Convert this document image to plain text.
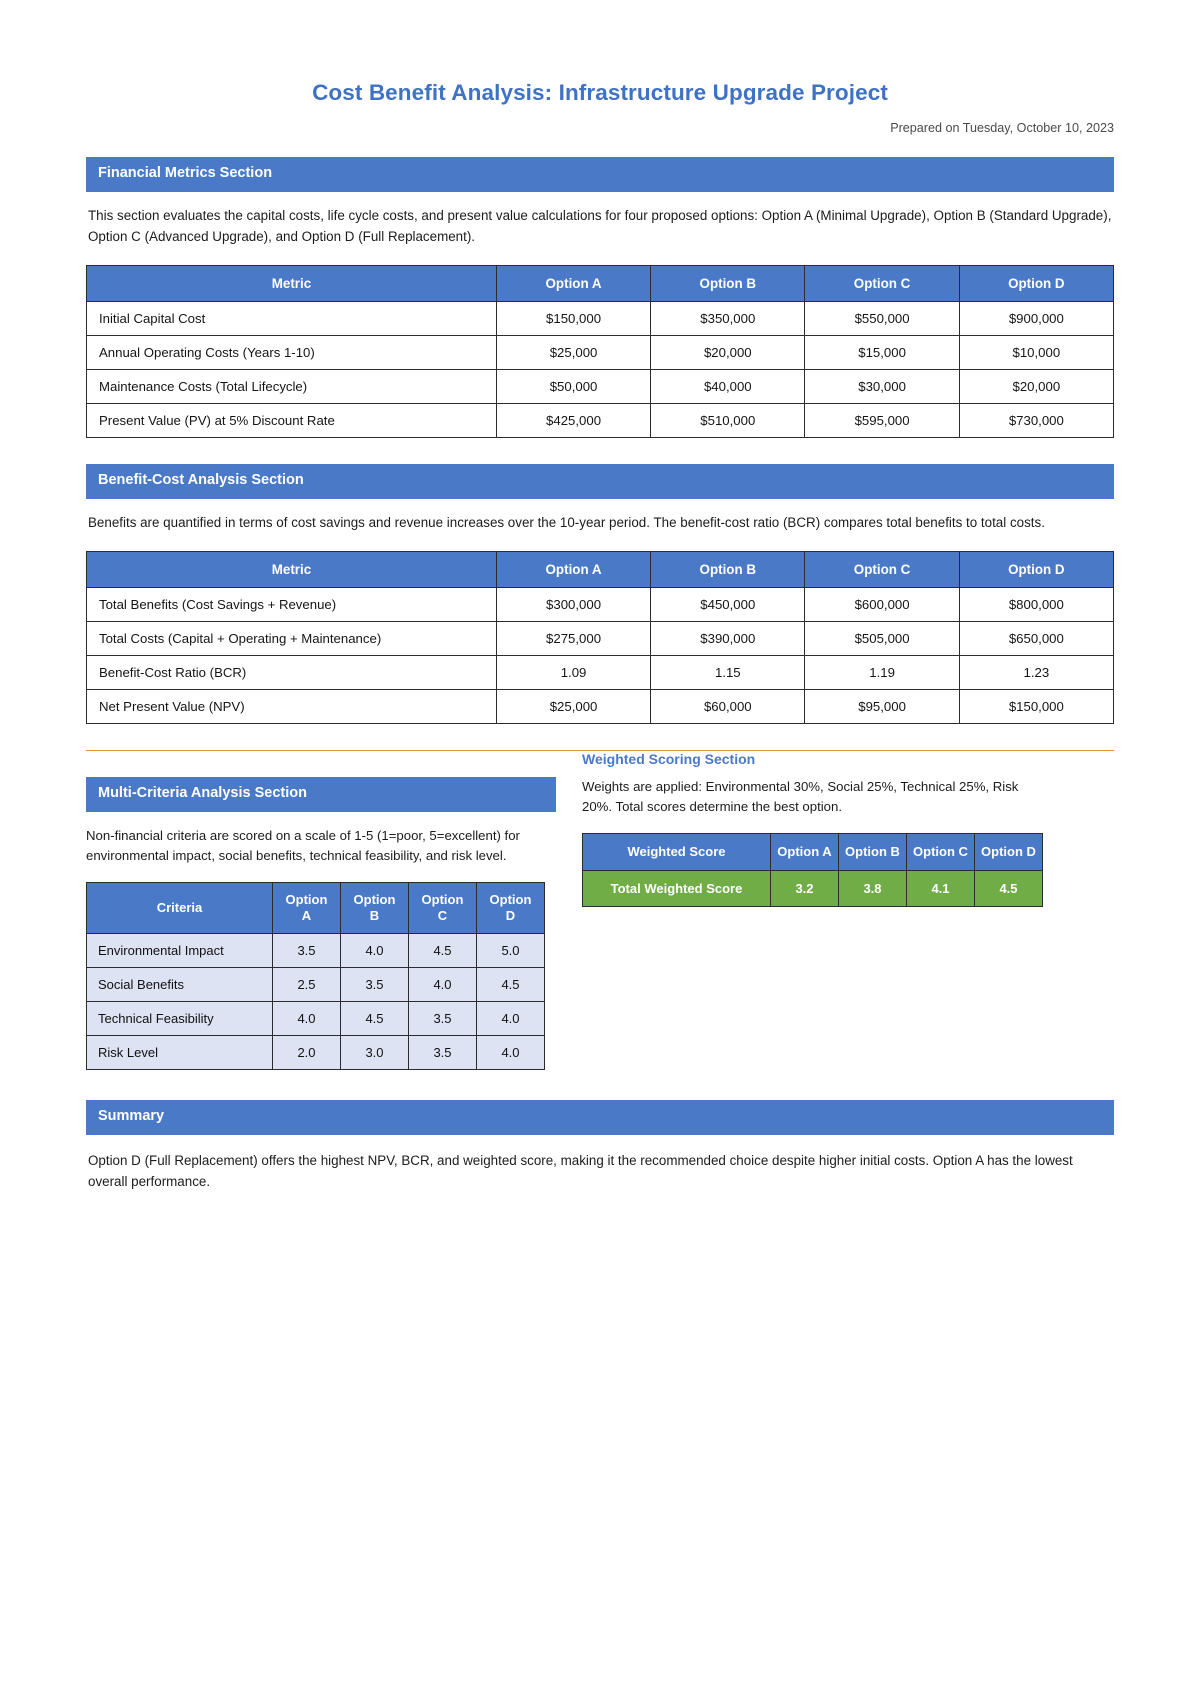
Cost Benefit Analysis: Infrastructure Upgrade Project
Prepared on Tuesday, October 10, 2023
Financial Metrics Section

This section evaluates the capital costs, life cycle costs, and present value calculations for four proposed options: Option A (Minimal Upgrade), Option B (Standard Upgrade), Option C (Advanced Upgrade), and Option D (Full Replacement).

Metric	Option A	Option B	Option C	Option D
Initial Capital Cost	$150,000	$350,000	$550,000	$900,000
Annual Operating Costs (Years 1-10)	$25,000	$20,000	$15,000	$10,000
Maintenance Costs (Total Lifecycle)	$50,000	$40,000	$30,000	$20,000
Present Value (PV) at 5% Discount Rate	$425,000	$510,000	$595,000	$730,000
Benefit-Cost Analysis Section

Benefits are quantified in terms of cost savings and revenue increases over the 10-year period. The benefit-cost ratio (BCR) compares total benefits to total costs.

Metric	Option A	Option B	Option C	Option D
Total Benefits (Cost Savings + Revenue)	$300,000	$450,000	$600,000	$800,000
Total Costs (Capital + Operating + Maintenance)	$275,000	$390,000	$505,000	$650,000
Benefit-Cost Ratio (BCR)	1.09	1.15	1.19	1.23
Net Present Value (NPV)	$25,000	$60,000	$95,000	$150,000
Multi-Criteria Analysis Section

Non-financial criteria are scored on a scale of 1-5 (1=poor, 5=excellent) for environmental impact, social benefits, technical feasibility, and risk level.

Criteria	Option A	Option B	Option C	Option D
Environmental Impact	3.5	4.0	4.5	5.0
Social Benefits	2.5	3.5	4.0	4.5
Technical Feasibility	4.0	4.5	3.5	4.0
Risk Level	2.0	3.0	3.5	4.0
Weighted Scoring Section

Weights are applied: Environmental 30%, Social 25%, Technical 25%, Risk 20%. Total scores determine the best option.

Weighted Score	Option A	Option B	Option C	Option D
Total Weighted Score	3.2	3.8	4.1	4.5
Summary

Option D (Full Replacement) offers the highest NPV, BCR, and weighted score, making it the recommended choice despite higher initial costs. Option A has the lowest overall performance.
